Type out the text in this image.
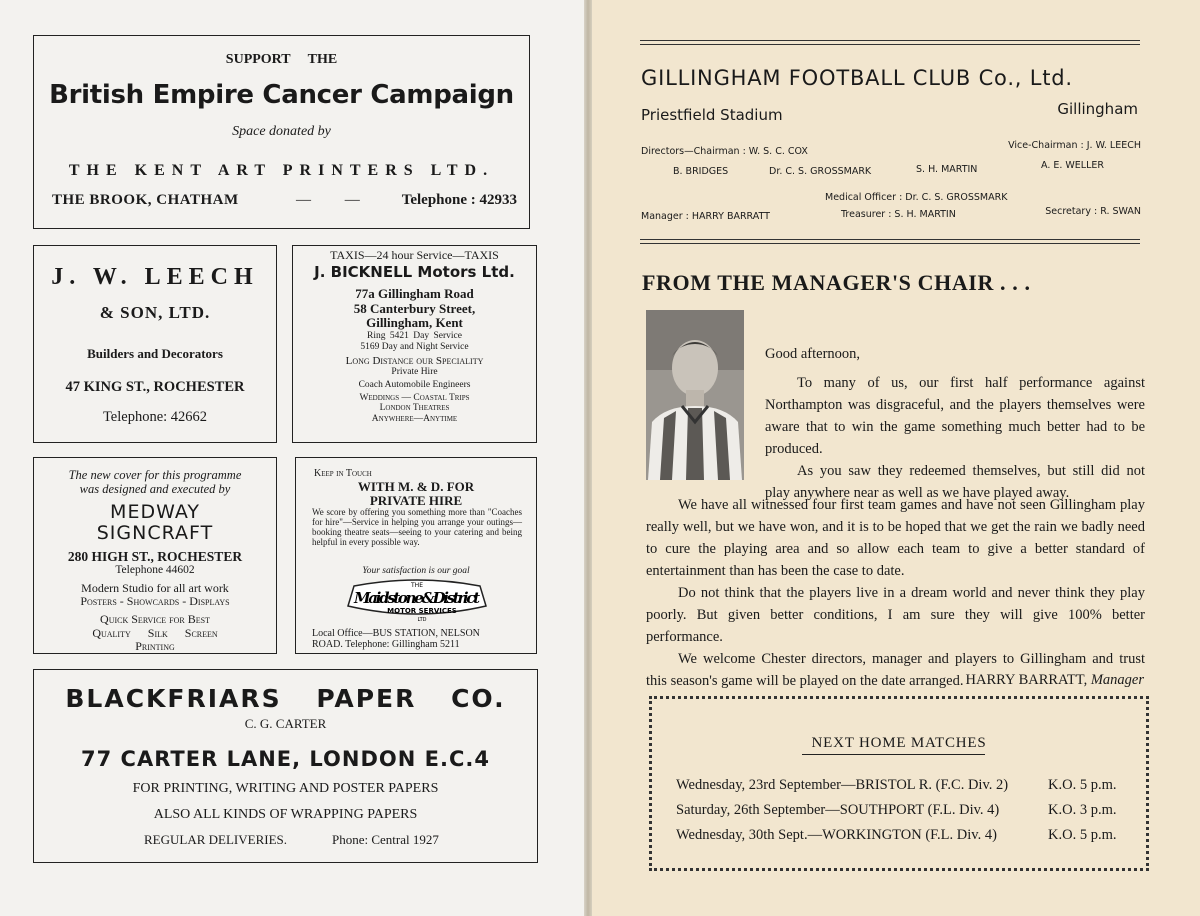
SUPPORT THE
British Empire Cancer Campaign
Space donated by
THE KENT ART PRINTERS LTD.
THE BROOK, CHATHAM	— —	Telephone : 42933
J. W. LEECH
& SON, LTD.
Builders and Decorators
47 KING ST., ROCHESTER
Telephone: 42662
TAXIS—24 hour Service—TAXIS
J. BICKNELL Motors Ltd.
77a Gillingham Road
58 Canterbury Street,
Gillingham, Kent
Ring 5421 Day Service
5169 Day and Night Service
Long Distance our Speciality
Private Hire
Coach Automobile Engineers
Weddings — Coastal Trips
London Theatres
Anywhere—Anytime
The new cover for this programme
was designed and executed by
MEDWAY
SIGNCRAFT
280 HIGH ST., ROCHESTER
Telephone 44602
Modern Studio for all art work
Posters - Showcards - Displays
Quick Service for Best
Quality Silk Screen
Printing
Keep in Touch
WITH M. & D. FOR
PRIVATE HIRE
We score by offering you something more than "Coaches for hire"—Service in helping you arrange your outings—booking theatre seats—seeing to your catering and being helpful in every possible way.
Your satisfaction is our goal
THE
Maidstone&District
MOTOR SERVICES
LTD
Local Office—BUS STATION, NELSON
ROAD. Telephone: Gillingham 5211
BLACKFRIARS PAPER CO.
C. G. CARTER
77 CARTER LANE, LONDON E.C.4
FOR PRINTING, WRITING AND POSTER PAPERS
ALSO ALL KINDS OF WRAPPING PAPERS
REGULAR DELIVERIES.	Phone: Central 1927
GILLINGHAM FOOTBALL CLUB Co., Ltd.
Priestfield Stadium	Gillingham
Directors—Chairman : W. S. C. COX
Vice-Chairman : J. W. LEECH
B. BRIDGES	Dr. C. S. GROSSMARK	S. H. MARTIN	A. E. WELLER
Medical Officer : Dr. C. S. GROSSMARK
Manager : HARRY BARRATT	Treasurer : S. H. MARTIN	Secretary : R. SWAN
FROM THE MANAGER'S CHAIR . . .
Good afternoon,

To many of us, our first half performance against Northampton was disgraceful, and the players themselves were aware that to win the game something much better had to be produced.

As you saw they redeemed themselves, but still did not play anywhere near as well as we have played away.

We have all witnessed four first team games and have not seen Gillingham play really well, but we have won, and it is to be hoped that we get the rain we badly need to cure the playing area and so allow each team to give a better standard of entertainment than has been the case to date.

Do not think that the players live in a dream world and never think they play poorly. But given better conditions, I am sure they will give 100% better performance.

We welcome Chester directors, manager and players to Gillingham and trust this season's game will be played on the date arranged. HARRY BARRATT, Manager
NEXT HOME MATCHES
Wednesday, 23rd September—BRISTOL R. (F.C. Div. 2)	K.O. 5 p.m.
Saturday, 26th September—SOUTHPORT (F.L. Div. 4)	K.O. 3 p.m.
Wednesday, 30th Sept.—WORKINGTON (F.L. Div. 4)	K.O. 5 p.m.
